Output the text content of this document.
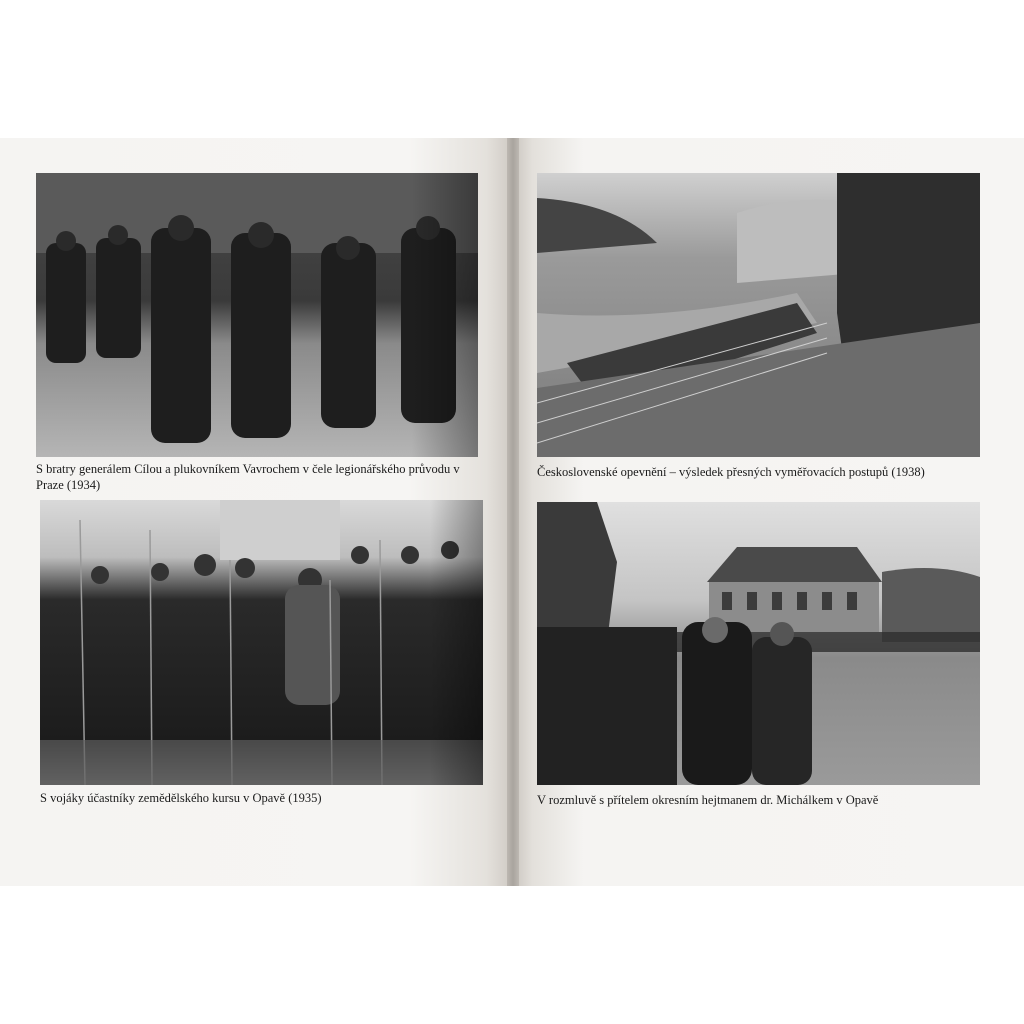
S bratry generálem Cílou a plukovníkem Vavrochem v čele legionářského průvodu v Praze (1934)

Československé opevnění – výsledek přesných vyměřovacích postupů (1938)

S vojáky účastníky zemědělského kursu v Opavě (1935)	V rozmluvě s přítelem okresním hejtmanem dr. Michálkem v Opavě
